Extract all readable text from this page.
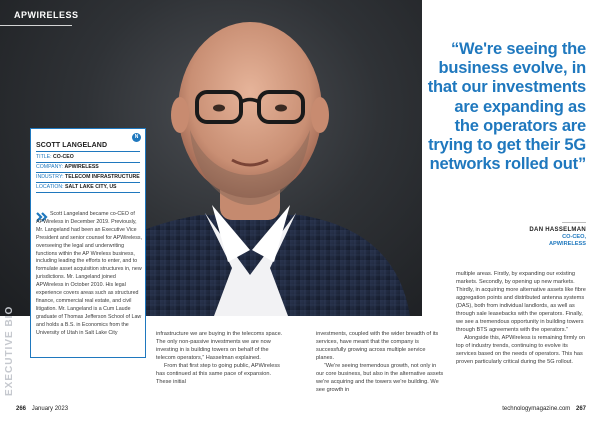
APWIRELESS
“We're seeing the business evolve, in that our investments are expanding as the operators are trying to get their 5G networks rolled out”
DAN HASSELMAN
CO-CEO,
APWIRELESS
N
SCOTT LANGELAND
TITLE: CO-CEO
COMPANY: APWIRELESS
INDUSTRY: TELECOM INFRASTRUCTURE
LOCATION: SALT LAKE CITY, US
Scott Langeland became co-CEO of APWireless in December 2019. Previously, Mr. Langeland had been an Executive Vice President and senior counsel for APWireless, overseeing the legal and underwriting functions within the AP Wireless business, including leading the efforts to enter, and to formulate asset acquisition structures in, new jurisdictions. Mr. Langeland joined APWireless in October 2010. His legal experience covers areas such as structured finance, commercial real estate, and civil litigation. Mr. Langeland is a Cum Laude graduate of Thomas Jefferson School of Law and holds a B.S. in Economics from the University of Utah in Salt Lake City
EXECUTIVE BIO	infrastructure we are buying in the telecoms space. The only non-passive investments we are now investing in is building towers on behalf of the telecom operators,” Hasselman explained.

From that first step to going public, APWireless has continued at this same pace of expansion. These initial

investments, coupled with the wider breadth of its services, have meant that the company is successfully growing across multiple service planes.

“We're seeing tremendous growth, not only in our core business, but also in the alternative assets we're acquiring and the towers we're building. We see growth in

multiple areas. Firstly, by expanding our existing markets. Secondly, by opening up new markets. Thirdly, in acquiring more alternative assets like fibre aggregation points and distributed antenna systems (DAS), both from individual landlords, as well as through sale leasebacks with the operators. Finally, we see a tremendous opportunity in building towers through BTS agreements with the operators.”

Alongside this, APWireless is remaining firmly on top of industry trends, continuing to evolve its services based on the needs of operators. This has proven particularly critical during the 5G rollout.

266 January 2023	technologymagazine.com 267
